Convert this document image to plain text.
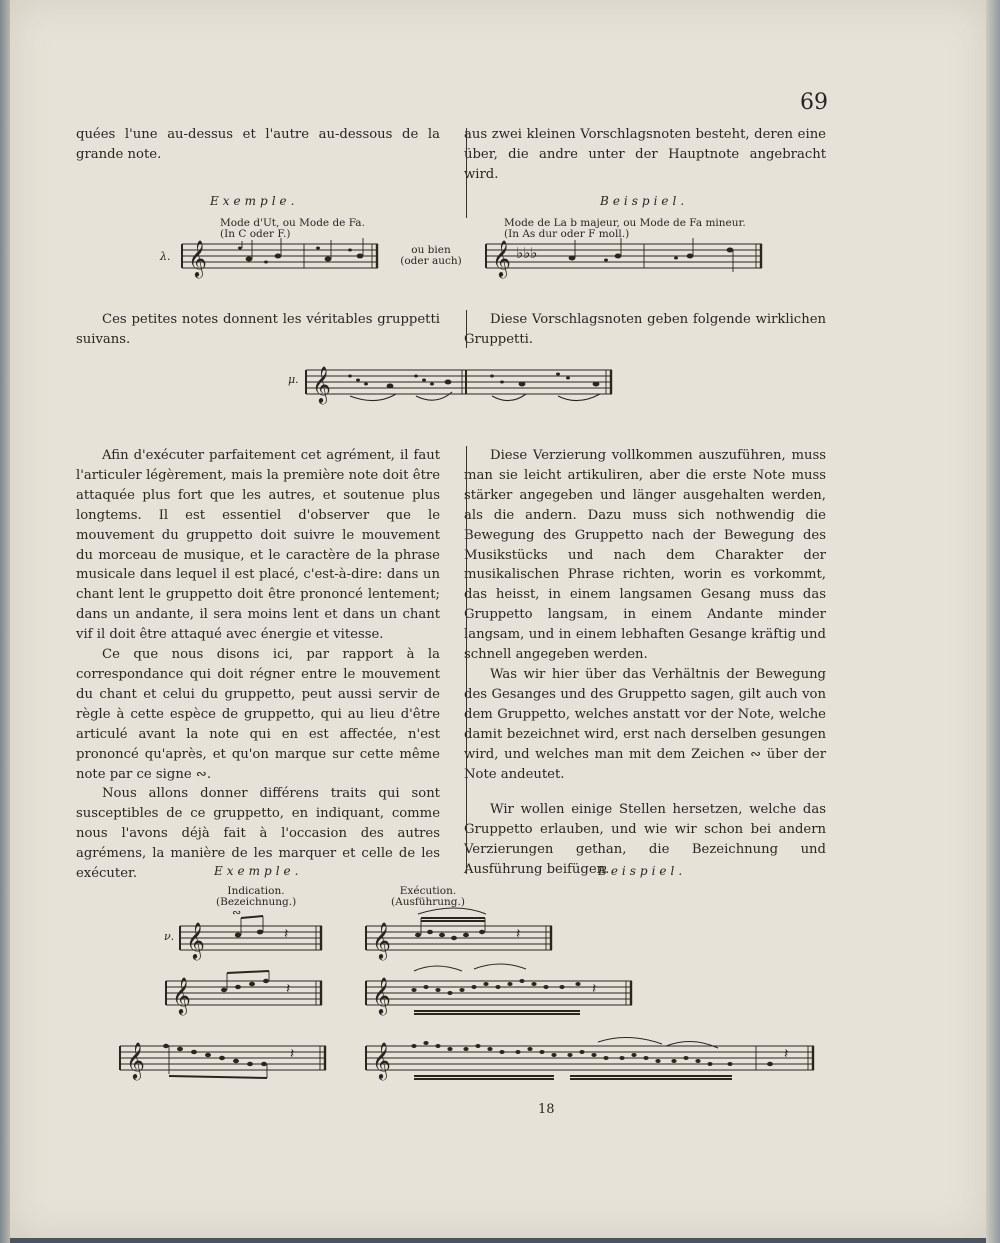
69

quées l'une au-dessus et l'autre au-dessous de la grande note.

aus zwei kleinen Vorschlagsnoten besteht, deren eine über, die andre unter der Hauptnote angebracht wird.

Exemple.	Beispiel.
Mode d'Ut, ou Mode de Fa.
(In C oder F.)
Mode de La b majeur, ou Mode de Fa mineur.
(In As dur oder F moll.)
λ.	ou bien
(oder auch)
𝄞	𝄞 ♭♭♭

Ces petites notes donnent les véritables gruppetti suivans.

Diese Vorschlagsnoten geben folgende wirklichen Gruppetti.

μ. 𝄞

Afin d'exécuter parfaitement cet agrément, il faut l'articuler légèrement, mais la première note doit être attaquée plus fort que les autres, et soutenue plus longtems. Il est essentiel d'observer que le mouvement du gruppetto doit suivre le mouvement du morceau de musique, et le caractère de la phrase musicale dans lequel il est placé, c'est-à-dire: dans un chant lent le gruppetto doit être prononcé lentement; dans un andante, il sera moins lent et dans un chant vif il doit être attaqué avec énergie et vitesse.

Ce que nous disons ici, par rapport à la correspondance qui doit régner entre le mouvement du chant et celui du gruppetto, peut aussi servir de règle à cette espèce de gruppetto, qui au lieu d'être articulé avant la note qui en est affectée, n'est prononcé qu'après, et qu'on marque sur cette même note par ce signe ∾.

Nous allons donner différens traits qui sont susceptibles de ce gruppetto, en indiquant, comme nous l'avons déjà fait à l'occasion des autres agrémens, la manière de les marquer et celle de les exécuter.

Diese Verzierung vollkommen auszuführen, muss man sie leicht artikuliren, aber die erste Note muss stärker angegeben und länger ausgehalten werden, als die andern. Dazu muss sich nothwendig die Bewegung des Gruppetto nach der Bewegung des Musikstücks und nach dem Charakter der musikalischen Phrase richten, worin es vorkommt, das heisst, in einem langsamen Gesang muss das Gruppetto langsam, in einem Andante minder langsam, und in einem lebhaften Gesange kräftig und schnell angegeben werden.

Was wir hier über das Verhältnis der Bewegung des Gesanges und des Gruppetto sagen, gilt auch von dem Gruppetto, welches anstatt vor der Note, welche damit bezeichnet wird, erst nach derselben gesungen wird, und welches man mit dem Zeichen ∾ über der Note andeutet.

Wir wollen einige Stellen hersetzen, welche das Gruppetto erlauben, und wie wir schon bei andern Verzierungen gethan, die Bezeichnung und Ausführung beifügen.

Exemple.	Beispiel.
Indication.
(Bezeichnung.)
Exécution.
(Ausführung.)
ν. 𝄞
∾
𝄽	𝄞	𝄽
𝄞	𝄽	𝄞	𝄽
𝄞	𝄽 𝄞	𝄽
18
